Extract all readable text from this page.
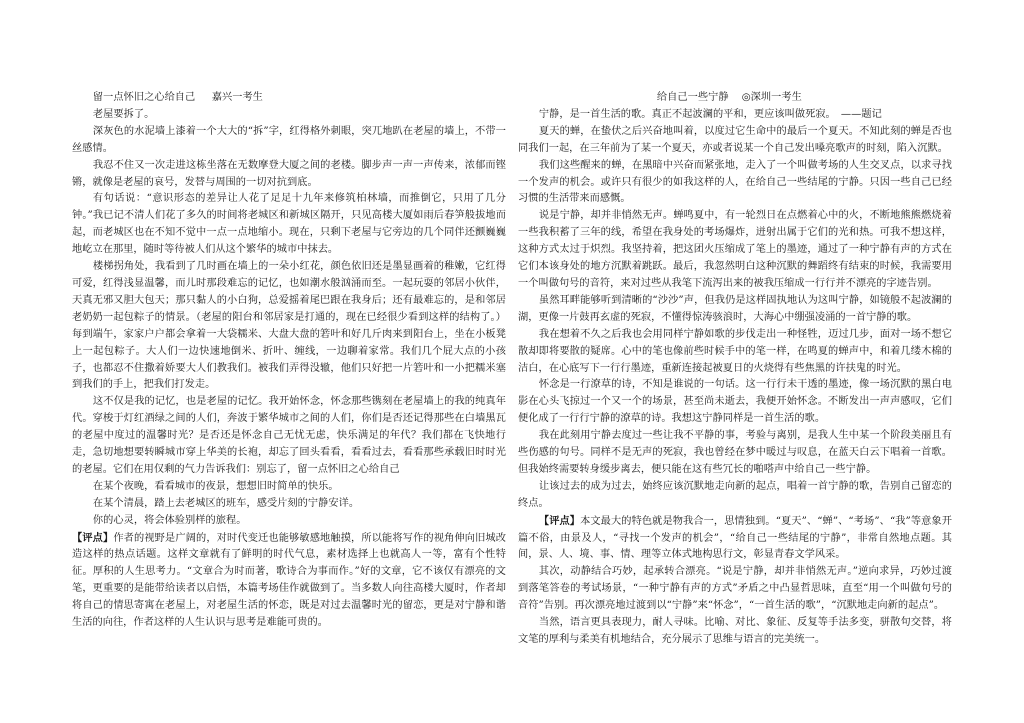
留一点怀旧之心给自己 嘉兴一考生

老屋要拆了。

深灰色的水泥墙上漆着一个大大的“拆”字，红得格外刺眼，突兀地趴在老屋的墙上，不带一丝感情。

我忍不住又一次走进这栋坐落在无数摩登大厦之间的老楼。脚步声一声一声传来，浓郁而铿锵，就像是老屋的哀号，发替与周围的一切对抗到底。

有句话说：“意识形态的差异让人花了足足十九年来修筑柏林墙，而推倒它，只用了几分钟。”我已记不清人们花了多久的时间将老城区和新城区隔开，只见高楼大厦如雨后春笋般拔地而起，而老城区也在不知不觉中一点一点地缩小。现在，只剩下老屋与它旁边的几个同伴还颤巍巍地屹立在那里，随时等待被人们从这个繁华的城市中抹去。

楼梯拐角处，我看到了几时画在墙上的一朵小红花，颜色依旧还是墨显画着的稚嫩，它红得可爱，红得浅显温馨，而儿时那段难忘的记忆，也如潮水般汹涌而至。一起玩耍的邻居小伙伴，天真无邪又胆大包天；那只黏人的小白狗，总爱摇着尾巴跟在我身后；还有最难忘的，是和邻居老奶奶一起包粽子的情景。（老屋的阳台和邻居家是打通的，现在已经很少看到这样的结构了。）每到端午，家家户户都会拿着一大袋糯米、大盘大盘的箬叶和好几斤肉来到阳台上，坐在小板凳上一起包粽子。大人们一边快速地倒米、折叶、缠线，一边聊着家常。我们几个屁大点的小孩子，也都忍不住撒着娇要大人们教我们。被我们弄得没辙，他们只好把一片箬叶和一小把糯米塞到我们的手上，把我们打发走。

这不仅是我的记忆，也是老屋的记忆。我开始怀念，怀念那些镌刻在老屋墙上的我的纯真年代。穿梭于灯红酒绿之间的人们，奔波于繁华城市之间的人们，你们是否还记得那些在白墙黑瓦的老屋中度过的温馨时光？是否还是怀念自己无忧无虑，快乐满足的年代？我们都在飞快地行走，急切地想要转瞬城市穿上华美的长袍，却忘了回头看看，看看过去，看看那些承载旧时时光的老屋。它们在用仅剩的气力告诉我们：别忘了，留一点怀旧之心给自己

在某个夜晚，看看城市的夜景，想想旧时简单的快乐。

在某个清晨，踏上去老城区的班车，感受片刻的宁静安详。

你的心灵，将会体验别样的旅程。

【评点】作者的视野是广阔的，对时代变迁也能够敏感地触摸，所以能将写作的视角伸向旧城改造这样的热点话题。这样文章就有了鲜明的时代气息，素材选择上也就高人一等，富有个性特征。厚积的人生思考力。“文章合为时而著，歌诗合为事而作。”好的文章，它不该仅有漂亮的文笔，更重要的是能带给读者以启悟，本篇考场佳作就做到了。当多数人向往高楼大厦时，作者却将自己的情思寄寓在老屋上，对老屋生活的怀恋，既是对过去温馨时光的留恋，更是对宁静和谐生活的向往，作者这样的人生认识与思考是难能可贵的。

给自己一些宁静 ◎深圳一考生

宁静，是一首生活的歌。真正不起波澜的平和，更应该叫做死寂。　——题记

夏天的蝉，在蛰伏之后兴奋地叫着，以度过它生命中的最后一个夏天。不知此刻的蝉是否也同我们一起，在三年前为了某一个夏天，亦或者说某一个自己发出嗓亮歌声的时刻，陷入沉默。

我们这些醒来的蝉，在黑暗中兴奋而紧张地，走入了一个叫做考场的人生交叉点，以求寻找一个发声的机会。或许只有很少的如我这样的人，在给自己一些结尾的宁静。只因一些自己已经习惯的生活带来而感慨。

说是宁静，却并非悄然无声。蝉鸣夏中，有一轮烈日在点燃着心中的火，不断地熊熊燃烧着一些我积蓄了三年的线，希望在我身处的考场爆炸，迸射出属于它们的光和热。可我不想这样，这种方式太过于炽烈。我坚持着，把这团火压缩成了笔上的墨迹，通过了一种宁静有声的方式在它们本该身处的地方沉默着跳跃。最后，我忽然明白这种沉默的舞蹈终有结束的时候，我需要用一个叫做句号的音符，来对过些从我笔下流泻出来的被我压缩成一行行并不漂亮的字迹告别。

虽然耳畔能够听到清晰的“沙沙”声，但我仍是这样固执地认为这叫宁静，如镜般不起波澜的湖，更像一片鼓再玄虚的死寂，不懂得惊涛骇浪时，大海心中绷强凌涌的一首宁静的歌。

我在想着不久之后我也会用同样宁静如歌的步伐走出一种怪牲，迈过几步，面对一场不想它散却即将要散的疑席。心中的笔也像前些时候手中的笔一样，在鸣夏的蝉声中，和着几缕木棉的洁白，在心底写下一行行墨迹，重新连接起被夏日的火烧得有些焦黑的许扶鬼的时光。

怀念是一行潦草的诗，不知是谁说的一句话。这一行行未干透的墨迹，像一场沉默的黑白电影在心头飞掠过一个又一个的场景，甚至尚未逝去，我便开始怀念。不断发出一声声感叹，它们便化成了一行行宁静的潦草的诗。我想这宁静同样是一首生活的歌。

我在此刻用宁静去度过一些让我不平静的事，考验与离别，是我人生中某一个阶段美丽且有些伤感的句号。同样不是无声的死寂，我也曾经在梦中暖过与叹息，在蓝天白云下唱着一首歌。但我始终需要转身缓步离去，便只能在这有些冗长的啪嗒声中给自己一些宁静。

让该过去的成为过去，始终应该沉默地走向新的起点，唱着一首宁静的歌，告别自己留恋的终点。

【评点】本文最大的特色就是物我合一，思情独到。“夏天”、“蝉”、“考场”、“我”等意象开篇不俗，由景及人，“寻找一个发声的机会”，“给自己一些结尾的宁静”，非常自然地点题。其间，景、人、境、事、情、理等立体式地构思行文，彰显青春文学风采。

其次，动静结合巧妙，起承转合漂亮。“说是宁静，却并非悄然无声。”逆向求异，巧妙过渡到落笔答卷的考试场景，“一种宁静有声的方式”矛盾之中凸显哲思味，直至“用一个叫做句号的音符”告别。再次漂亮地过渡到以“宁静”来“怀念”，“一首生活的歌”，“沉默地走向新的起点”。

当然，语言更具表现力，耐人寻味。比喻、对比、象征、反复等手法多变，骈散句交替，将文笔的厚利与柔美有机地结合，充分展示了思维与语言的完美统一。
